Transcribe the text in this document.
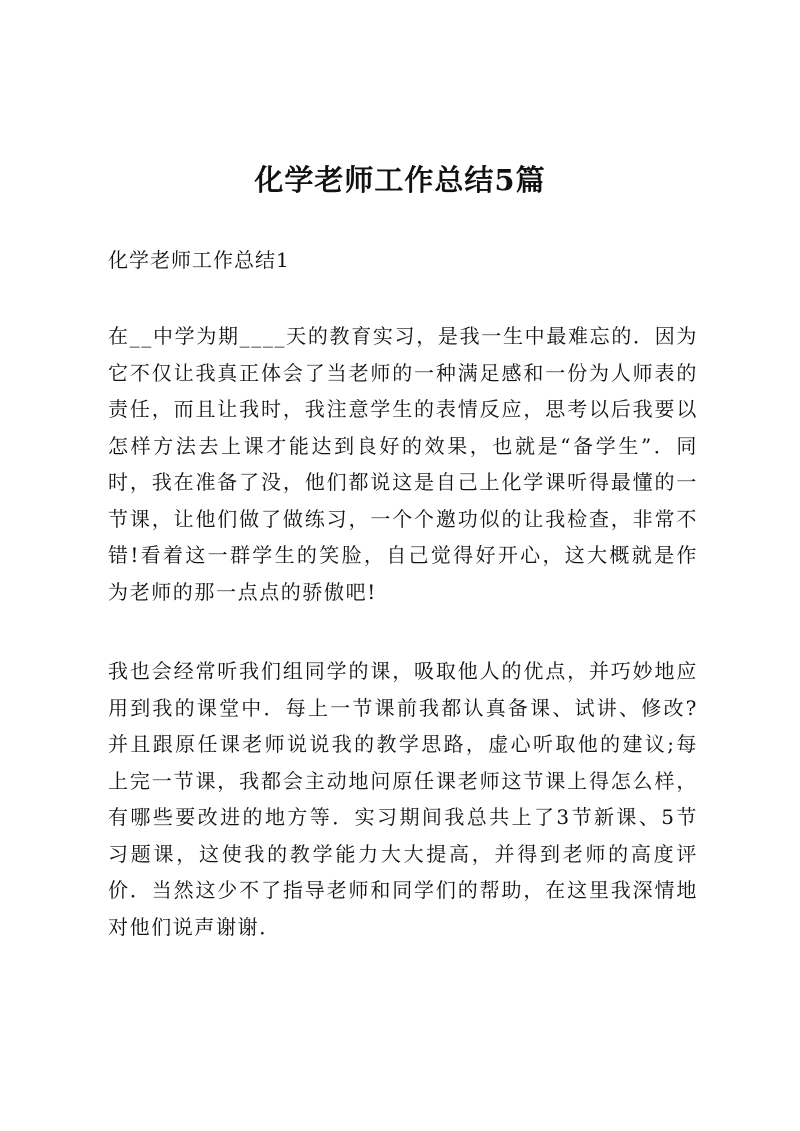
化学老师工作总结5篇
化学老师工作总结1

在__中学为期____天的教育实习，是我一生中最难忘的．因为它不仅让我真正体会了当老师的一种满足感和一份为人师表的责任，而且让我时，我注意学生的表情反应，思考以后我要以怎样方法去上课才能达到良好的效果，也就是“备学生”．同时，我在准备了没，他们都说这是自己上化学课听得最懂的一节课，让他们做了做练习，一个个邀功似的让我检查，非常不错!看着这一群学生的笑脸，自己觉得好开心，这大概就是作为老师的那一点点的骄傲吧!

我也会经常听我们组同学的课，吸取他人的优点，并巧妙地应用到我的课堂中．每上一节课前我都认真备课、试讲、修改?并且跟原任课老师说说我的教学思路，虚心听取他的建议;每上完一节课，我都会主动地问原任课老师这节课上得怎么样，有哪些要改进的地方等．实习期间我总共上了3节新课、5节习题课，这使我的教学能力大大提高，并得到老师的高度评价．当然这少不了指导老师和同学们的帮助，在这里我深情地对他们说声谢谢．
